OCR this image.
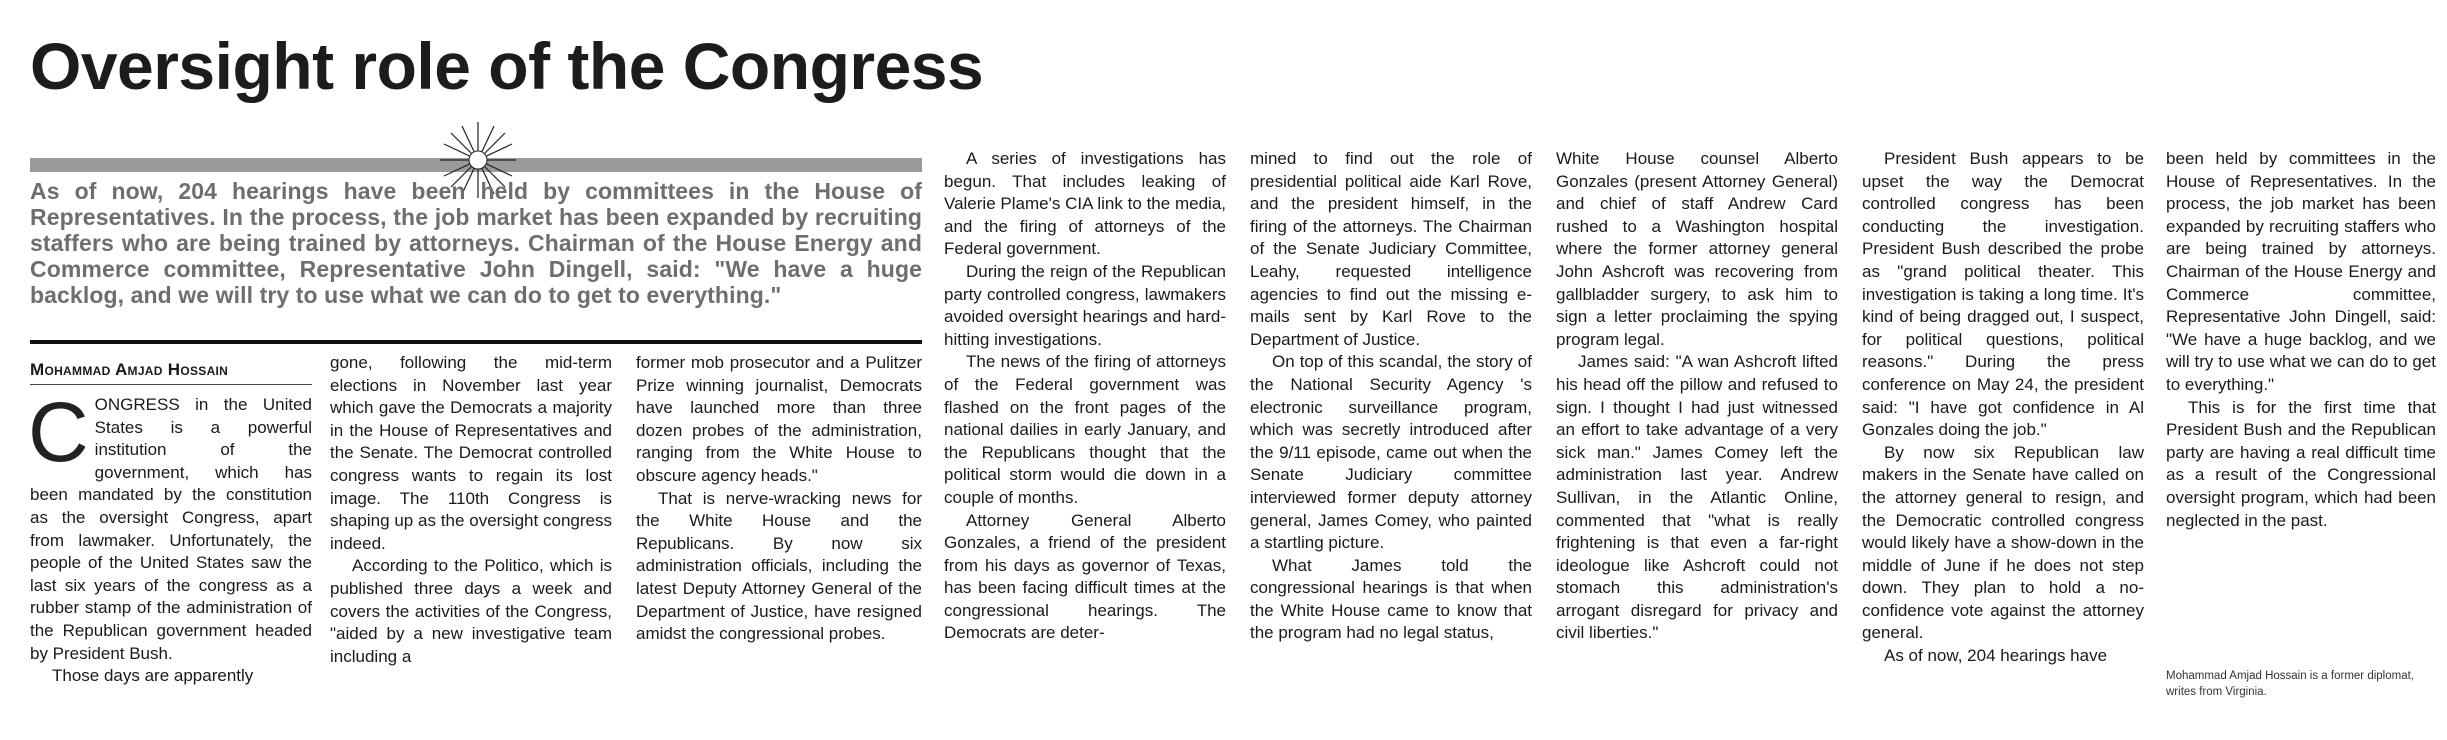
Oversight role of the Congress

As of now, 204 hearings have been held by committees in the House of Representatives. In the process, the job market has been expanded by recruiting staffers who are being trained by attorneys. Chairman of the House Energy and Commerce committee, Representative John Dingell, said: "We have a huge backlog, and we will try to use what we can do to get to everything."

Mohammad Amjad Hossain

CONGRESS in the United States is a powerful institution of the government, which has been mandated by the constitution as the oversight Congress, apart from lawmaker. Unfortunately, the people of the United States saw the last six years of the congress as a rubber stamp of the administration of the Republican government headed by President Bush.

Those days are apparently

gone, following the mid-term elections in November last year which gave the Democrats a majority in the House of Representatives and the Senate. The Democrat controlled congress wants to regain its lost image. The 110th Congress is shaping up as the oversight congress indeed.

According to the Politico, which is published three days a week and covers the activities of the Congress, "aided by a new investigative team including a

former mob prosecutor and a Pulitzer Prize winning journalist, Democrats have launched more than three dozen probes of the administration, ranging from the White House to obscure agency heads."

That is nerve-wracking news for the White House and the Republicans. By now six administration officials, including the latest Deputy Attorney General of the Department of Justice, have resigned amidst the congressional probes.

A series of investigations has begun. That includes leaking of Valerie Plame's CIA link to the media, and the firing of attorneys of the Federal government.

During the reign of the Republican party controlled congress, lawmakers avoided oversight hearings and hard-hitting investigations.

The news of the firing of attorneys of the Federal government was flashed on the front pages of the national dailies in early January, and the Republicans thought that the political storm would die down in a couple of months.

Attorney General Alberto Gonzales, a friend of the president from his days as governor of Texas, has been facing difficult times at the congressional hearings. The Democrats are deter-

mined to find out the role of presidential political aide Karl Rove, and the president himself, in the firing of the attorneys. The Chairman of the Senate Judiciary Committee, Leahy, requested intelligence agencies to find out the missing e-mails sent by Karl Rove to the Department of Justice.

On top of this scandal, the story of the National Security Agency 's electronic surveillance program, which was secretly introduced after the 9/11 episode, came out when the Senate Judiciary committee interviewed former deputy attorney general, James Comey, who painted a startling picture.

What James told the congressional hearings is that when the White House came to know that the program had no legal status,

White House counsel Alberto Gonzales (present Attorney General) and chief of staff Andrew Card rushed to a Washington hospital where the former attorney general John Ashcroft was recovering from gallbladder surgery, to ask him to sign a letter proclaiming the spying program legal.

James said: "A wan Ashcroft lifted his head off the pillow and refused to sign. I thought I had just witnessed an effort to take advantage of a very sick man." James Comey left the administration last year. Andrew Sullivan, in the Atlantic Online, commented that "what is really frightening is that even a far-right ideologue like Ashcroft could not stomach this administration's arrogant disregard for privacy and civil liberties."

President Bush appears to be upset the way the Democrat controlled congress has been conducting the investigation. President Bush described the probe as "grand political theater. This investigation is taking a long time. It's kind of being dragged out, I suspect, for political questions, political reasons." During the press conference on May 24, the president said: "I have got confidence in Al Gonzales doing the job."

By now six Republican law makers in the Senate have called on the attorney general to resign, and the Democratic controlled congress would likely have a show-down in the middle of June if he does not step down. They plan to hold a no-confidence vote against the attorney general.

As of now, 204 hearings have

been held by committees in the House of Representatives. In the process, the job market has been expanded by recruiting staffers who are being trained by attorneys. Chairman of the House Energy and Commerce committee, Representative John Dingell, said: "We have a huge backlog, and we will try to use what we can do to get to everything."

This is for the first time that President Bush and the Republican party are having a real difficult time as a result of the Congressional oversight program, which had been neglected in the past.

Mohammad Amjad Hossain is a former diplomat, writes from Virginia.
